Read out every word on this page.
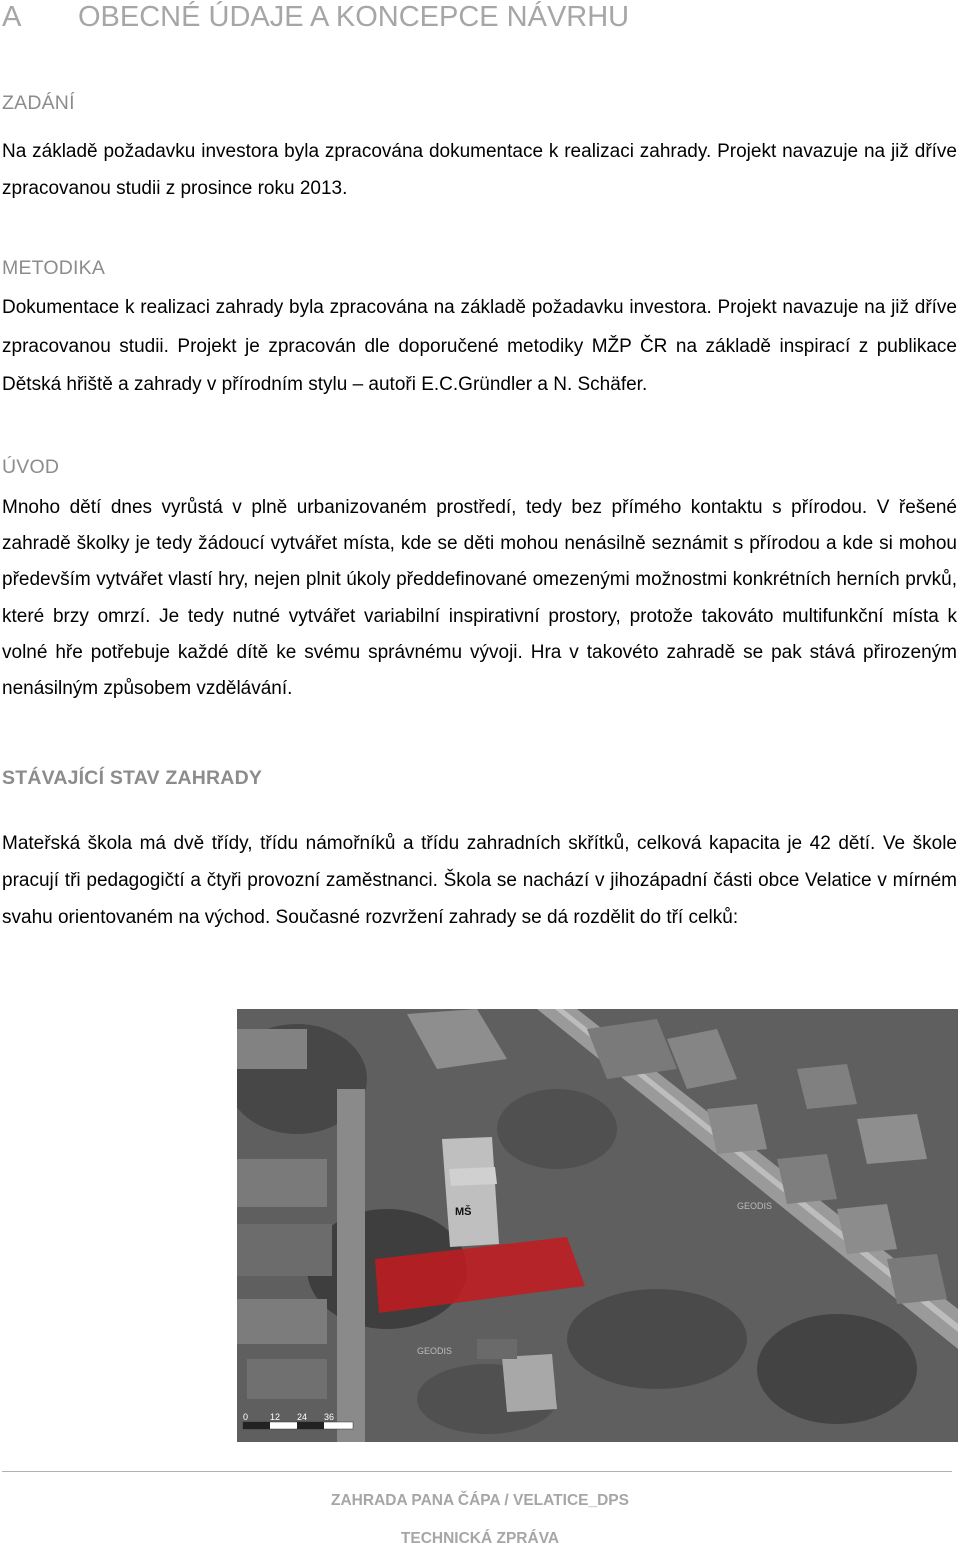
A OBECNÉ ÚDAJE A KONCEPCE NÁVRHU
ZADÁNÍ

Na základě požadavku investora byla zpracována dokumentace k realizaci zahrady. Projekt navazuje na již dříve zpracovanou studii z prosince roku 2013.

METODIKA

Dokumentace k realizaci zahrady byla zpracována na základě požadavku investora. Projekt navazuje na již dříve zpracovanou studii. Projekt je zpracován dle doporučené metodiky MŽP ČR na základě inspirací z publikace Dětská hřiště a zahrady v přírodním stylu – autoři E.C.Gründler a N. Schäfer.

ÚVOD

Mnoho dětí dnes vyrůstá v plně urbanizovaném prostředí, tedy bez přímého kontaktu s přírodou. V řešené zahradě školky je tedy žádoucí vytvářet místa, kde se děti mohou nenásilně seznámit s přírodou a kde si mohou především vytvářet vlastí hry, nejen plnit úkoly předdefinované omezenými možnostmi konkrétních herních prvků, které brzy omrzí. Je tedy nutné vytvářet variabilní inspirativní prostory, protože takováto multifunkční místa k volné hře potřebuje každé dítě ke svému správnému vývoji. Hra v takovéto zahradě se pak stává přirozeným nenásilným způsobem vzdělávání.

STÁVAJÍCÍ STAV ZAHRADY

Mateřská škola má dvě třídy, třídu námořníků a třídu zahradních skřítků, celková kapacita je 42 dětí. Ve škole pracují tři pedagogičtí a čtyři provozní zaměstnanci. Škola se nachází v jihozápadní části obce Velatice v mírném svahu orientovaném na východ. Současné rozvržení zahrady se dá rozdělit do tří celků:

MŠ
GEODIS
GEODIS
0 12 24 36
ZAHRADA PANA ČÁPA / VELATICE_DPS
TECHNICKÁ ZPRÁVA
